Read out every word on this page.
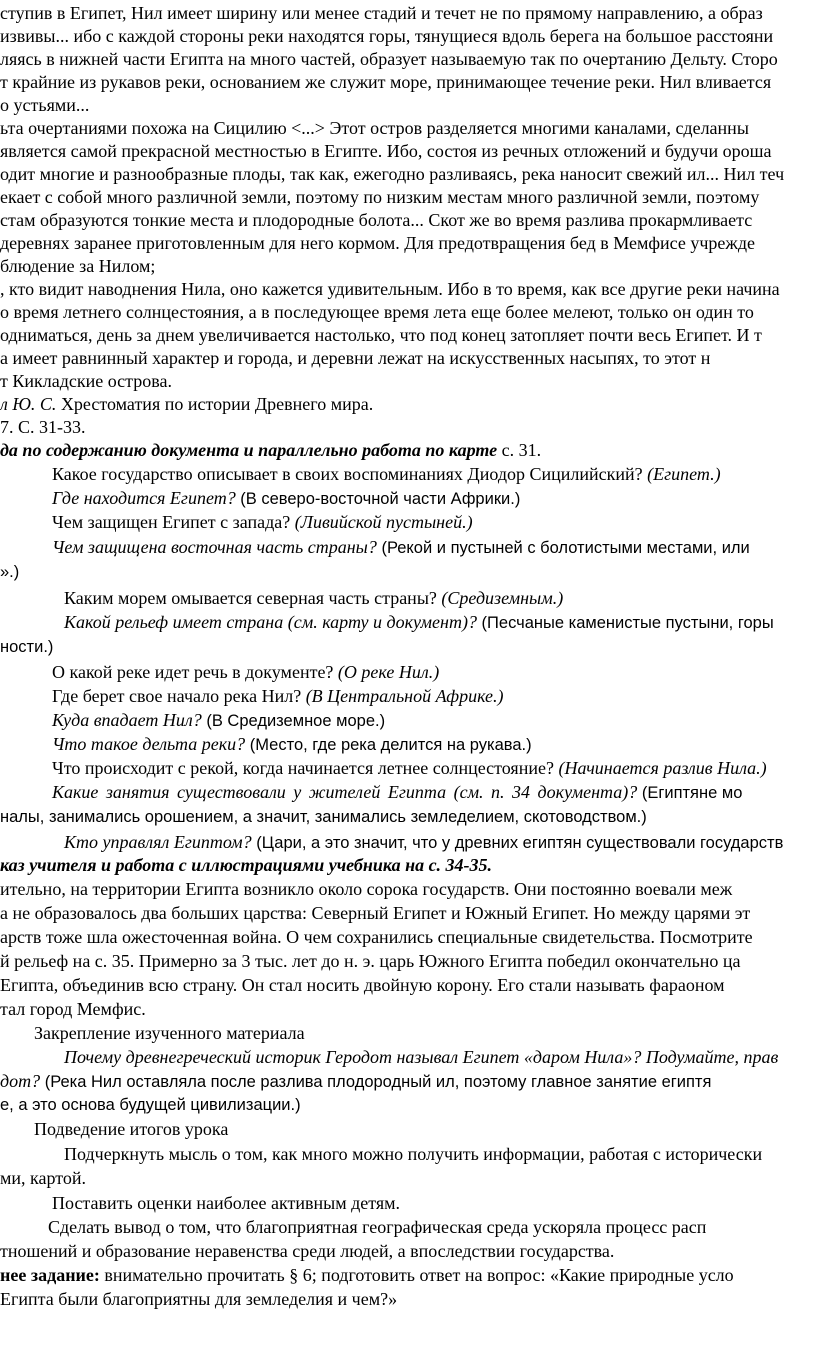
ступив в Египет, Нил имеет ширину или менее стадий и течет не по прямому направлению, а образ
извивы... ибо с каждой стороны реки находятся горы, тянущиеся вдоль берега на большое расстояни
ляясь в нижней части Египта на много частей, образует называемую так по очертанию Дельту. Сторо
т крайние из рукавов реки, основанием же служит море, принимающее течение реки. Нил вливается
о устьями...
ьта очертаниями похожа на Сицилию <...> Этот остров разделяется многими каналами, сделанны
является самой прекрасной местностью в Египте. Ибо, состоя из речных отложений и будучи ороша
одит многие и разнообразные плоды, так как, ежегодно разливаясь, река наносит свежий ил... Нил теч
екает с собой много различной земли, поэтому по низким местам много различной земли, поэтому
стам образуются тонкие места и плодородные болота... Скот же во время разлива прокармливаетс
деревнях заранее приготовленным для него кормом. Для предотвращения бед в Мемфисе учрежде
блюдение за Нилом;
, кто видит наводнения Нила, оно кажется удивительным. Ибо в то время, как все другие реки начина
о время летнего солнцестояния, а в последующее время лета еще более мелеют, только он один то
одниматься, день за днем увеличивается настолько, что под конец затопляет почти весь Египет. И т
а имеет равнинный характер и города, и деревни лежат на искусственных насыпях, то этот н
т Кикладские острова.
л Ю. С. Хрестоматия по истории Древнего мира.
7. С. 31-33.
да по содержанию документа и параллельно работа по карте с. 31.
Какое государство описывает в своих воспоминаниях Диодор Сицилийский? (Египет.)
Где находится Египет? (В северо-восточной части Африки.)
Чем защищен Египет с запада? (Ливийской пустыней.)
Чем защищена восточная часть страны? (Рекой и пустыней с болотистыми местами, или
».)
Каким морем омывается северная часть страны? (Средиземным.)
Какой рельеф имеет страна (см. карту и документ)? (Песчаные каменистые пустыни, горы
ности.)
О какой реке идет речь в документе? (О реке Нил.)
Где берет свое начало река Нил? (В Центральной Африке.)
Куда впадает Нил? (В Средиземное море.)
Что такое дельта реки? (Место, где река делится на рукава.)
Что происходит с рекой, когда начинается летнее солнцестояние? (Начинается разлив Нила.)
Какие занятия существовали у жителей Египта (см. п. 34 документа)? (Египтяне мо
налы, занимались орошением, а значит, занимались земледелием, скотоводством.)
Кто управлял Египтом? (Цари, а это значит, что у древних египтян существовали государств
каз учителя и работа с иллюстрациями учебника на с. 34-35.
ительно, на территории Египта возникло около сорока государств. Они постоянно воевали меж
а не образовалось два больших царства: Северный Египет и Южный Египет. Но между царями эт
арств тоже шла ожесточенная война. О чем сохранились специальные свидетельства. Посмотрите
й рельеф на с. 35. Примерно за 3 тыс. лет до н. э. царь Южного Египта победил окончательно ца
Египта, объединив всю страну. Он стал носить двойную корону. Его стали называть фараоном
тал город Мемфис.
Закрепление изученного материала
Почему древнегреческий историк Геродот называл Египет «даром Нила»? Подумайте, прав
дот? (Река Нил оставляла после разлива плодородный ил, поэтому главное занятие египтя
е, а это основа будущей цивилизации.)
Подведение итогов урока
Подчеркнуть мысль о том, как много можно получить информации, работая с исторически
ми, картой.
Поставить оценки наиболее активным детям.
Сделать вывод о том, что благоприятная географическая среда ускоряла процесс расп
тношений и образование неравенства среди людей, а впоследствии государства.
нее задание: внимательно прочитать § 6; подготовить ответ на вопрос: «Какие природные усло
Египта были благоприятны для земледелия и чем?»
